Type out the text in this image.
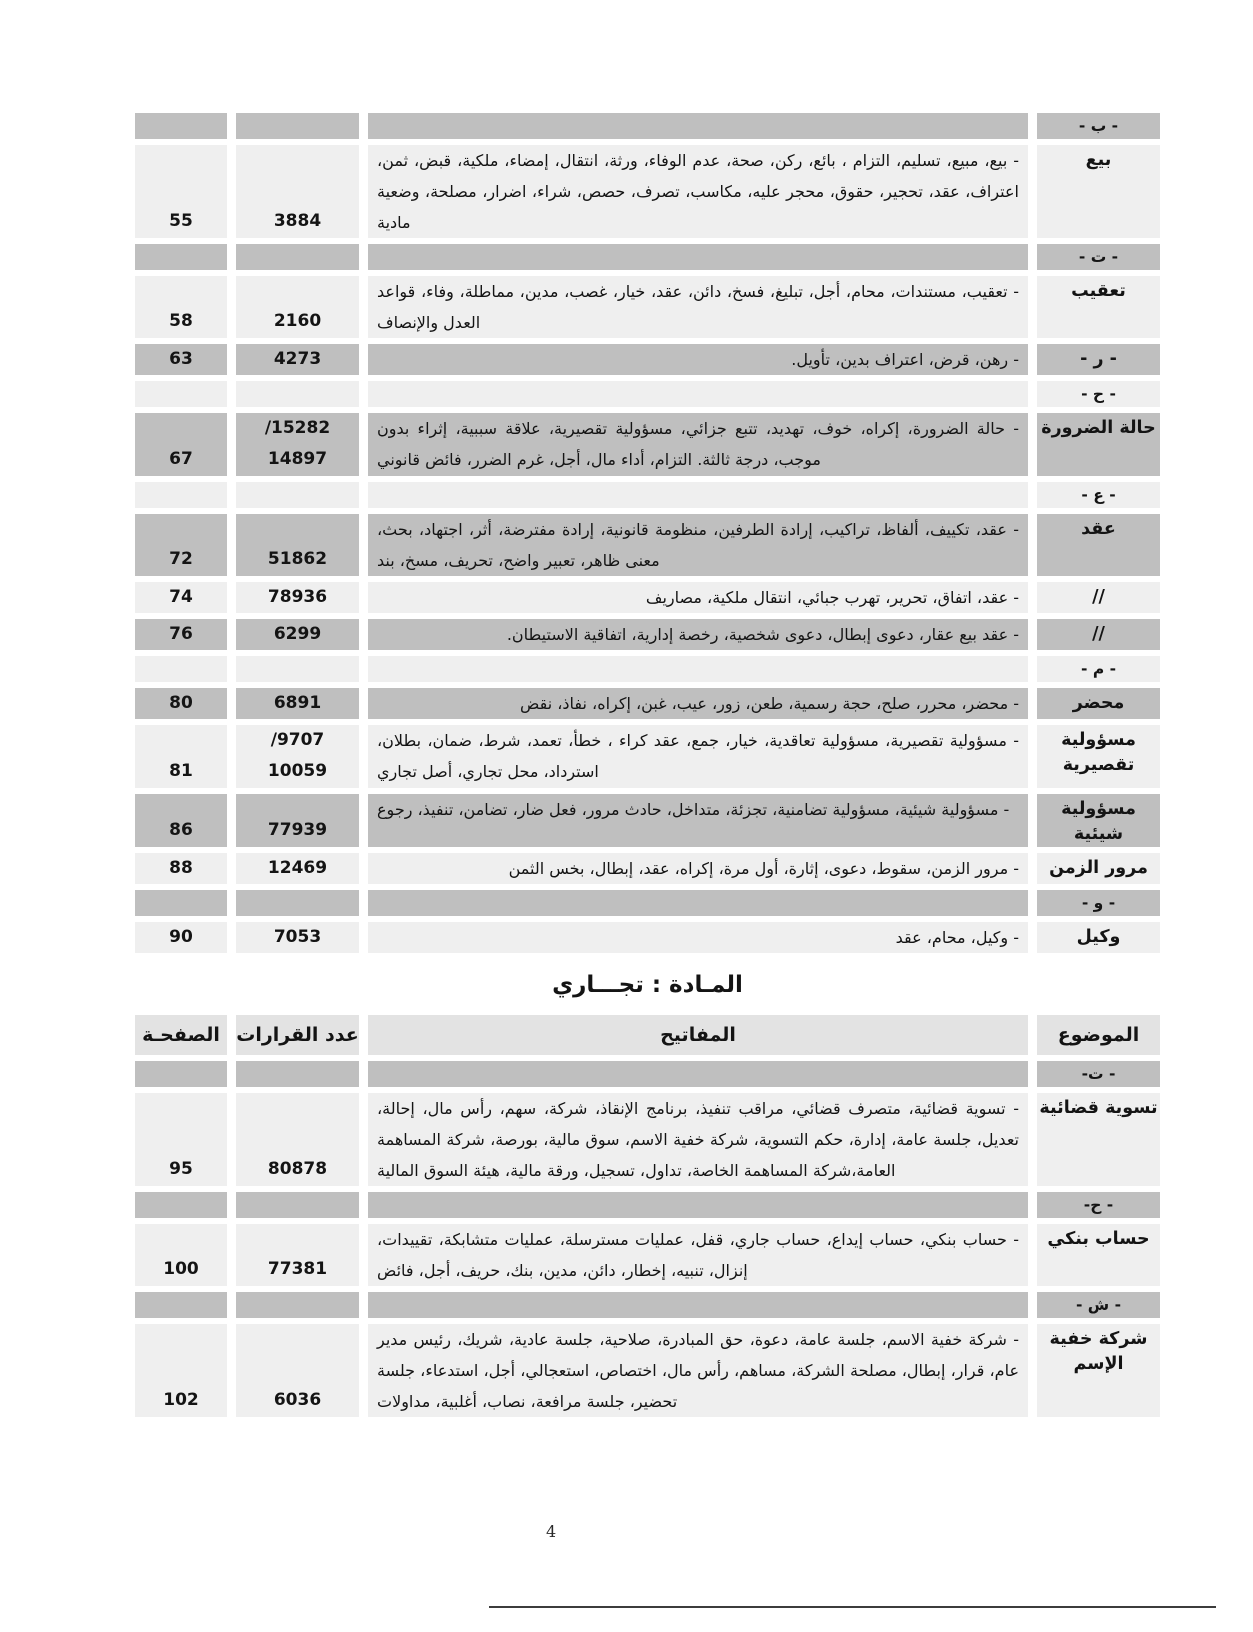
- ب -
بيع
- بيع، مبيع، تسليم، التزام ، بائع، ركن، صحة، عدم الوفاء، ورثة، انتقال، إمضاء، ملكية، قبض، ثمن، اعتراف، عقد، تحجير، حقوق، محجر عليه، مكاسب، تصرف، حصص، شراء، اضرار، مصلحة، وضعية مادية
3884
55
- ت -
تعقيب
- تعقيب، مستندات، محام، أجل، تبليغ، فسخ، دائن، عقد، خيار، غصب، مدين، مماطلة، وفاء، قواعد العدل والإنصاف
2160
58
- ر -
- رهن، قرض، اعتراف بدين، تأويل.
4273
63
- ح -
حالة الضرورة
- حالة الضرورة، إكراه، خوف، تهديد، تتبع جزائي، مسؤولية تقصيرية، علاقة سببية، إثراء بدون موجب، درجة ثالثة. التزام، أداء مال، أجل، غرم الضرر، فائض قانوني
/15282
14897
67
- ع -
عقد
- عقد، تكييف، ألفاظ، تراكيب، إرادة الطرفين، منظومة قانونية، إرادة مفترضة، أثر، اجتهاد، بحث، معنى ظاهر، تعبير واضح، تحريف، مسخ، بند
51862
72
//
- عقد، اتفاق، تحرير، تهرب جبائي، انتقال ملكية، مصاريف
78936
74
//
- عقد بيع عقار، دعوى إبطال، دعوى شخصية، رخصة إدارية، اتفاقية الاستيطان.
6299
76
- م -
محضر
- محضر، محرر، صلح، حجة رسمية، طعن، زور، عيب، غبن، إكراه، نفاذ، نقض
6891
80
مسؤولية تقصيرية
- مسؤولية تقصيرية، مسؤولية تعاقدية، خيار، جمع، عقد كراء ، خطأ، تعمد، شرط، ضمان، بطلان، استرداد، محل تجاري، أصل تجاري
/9707
10059
81
مسؤولية شيئية
- مسؤولية شيئية، مسؤولية تضامنية، تجزئة، متداخل، حادث مرور، فعل ضار، تضامن، تنفيذ، رجوع
77939
86
مرور الزمن
- مرور الزمن، سقوط، دعوى، إثارة، أول مرة، إكراه، عقد، إبطال، بخس الثمن
12469
88
- و -
وكيل
- وكيل، محام، عقد
7053
90
المـادة : تجـــاري
الموضوع
المفاتيح
عدد القرارات
الصفحـة
- ت-
تسوية قضائية
- تسوية قضائية، متصرف قضائي، مراقب تنفيذ، برنامج الإنقاذ، شركة، سهم، رأس مال، إحالة، تعديل، جلسة عامة، إدارة، حكم التسوية، شركة خفية الاسم، سوق مالية، بورصة، شركة المساهمة العامة،شركة المساهمة الخاصة، تداول، تسجيل، ورقة مالية، هيئة السوق المالية
80878
95
- ح-
حساب بنكي
- حساب بنكي، حساب إيداع، حساب جاري، قفل، عمليات مسترسلة، عمليات متشابكة، تقييدات، إنزال، تنبيه، إخطار، دائن، مدين، بنك، حريف، أجل، فائض
77381
100
- ش -
شركة خفية الإسم
- شركة خفية الاسم، جلسة عامة، دعوة، حق المبادرة، صلاحية، جلسة عادية، شريك، رئيس مدير عام، قرار، إبطال، مصلحة الشركة، مساهم، رأس مال، اختصاص، استعجالي، أجل، استدعاء، جلسة تحضير، جلسة مرافعة، نصاب، أغلبية، مداولات
6036
102
4
